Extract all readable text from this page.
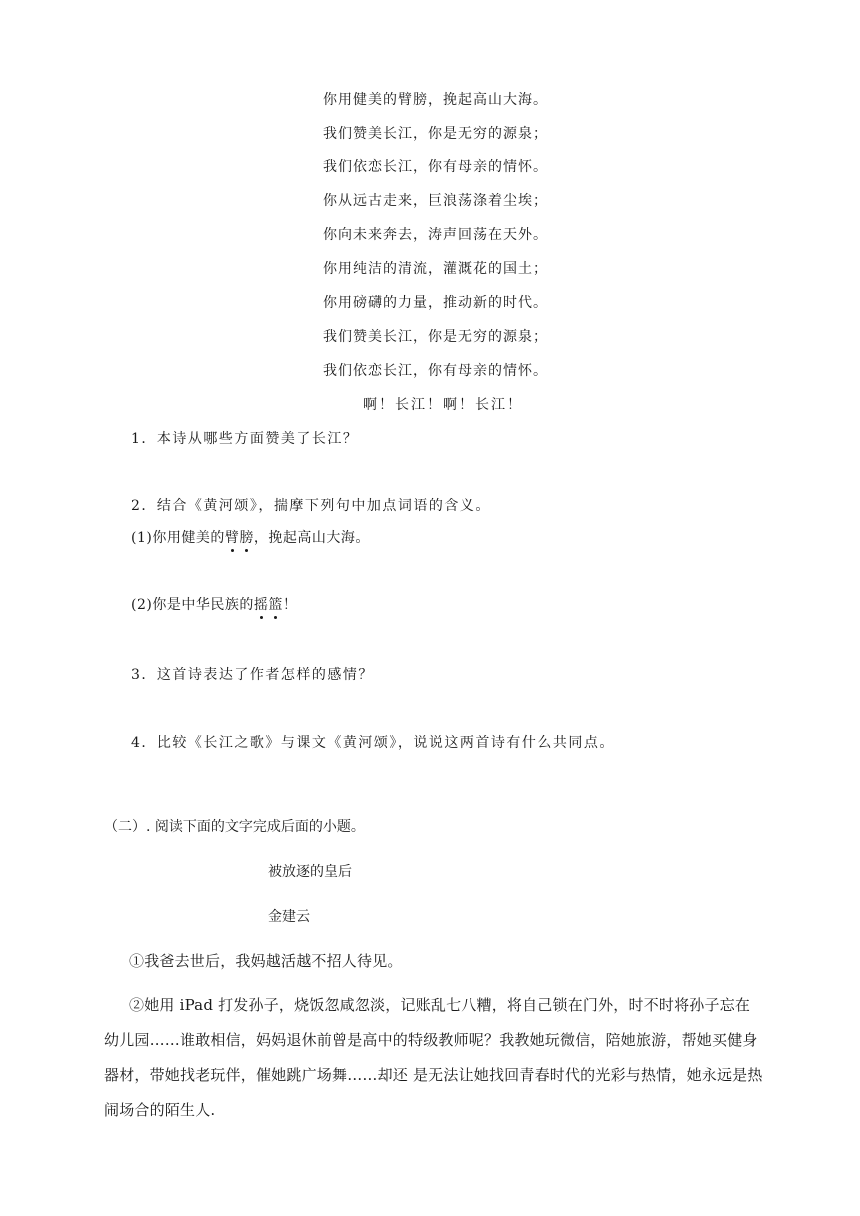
你用健美的臂膀，挽起高山大海。
我们赞美长江，你是无穷的源泉；
我们依恋长江，你有母亲的情怀。
你从远古走来，巨浪荡涤着尘埃；
你向未来奔去，涛声回荡在天外。
你用纯洁的清流，灌溉花的国土；
你用磅礴的力量，推动新的时代。
我们赞美长江，你是无穷的源泉；
我们依恋长江，你有母亲的情怀。
啊！长江！啊！长江！
1．本诗从哪些方面赞美了长江？
2．结合《黄河颂》，揣摩下列句中加点词语的含义。
(1)你用健美的臂膀，挽起高山大海。
(2)你是中华民族的摇篮！
3．这首诗表达了作者怎样的感情？
4．比较《长江之歌》与课文《黄河颂》，说说这两首诗有什么共同点。
（二）. 阅读下面的文字完成后面的小题。
被放逐的皇后
金建云
①我爸去世后，我妈越活越不招人待见。
②她用 iPad 打发孙子，烧饭忽咸忽淡，记账乱七八糟，将自己锁在门外，时不时将孙子忘在幼儿园……谁敢相信，妈妈退休前曾是高中的特级教师呢？我教她玩微信，陪她旅游，帮她买健身器材，带她找老玩伴，催她跳广场舞……却还 是无法让她找回青春时代的光彩与热情，她永远是热闹场合的陌生人.
